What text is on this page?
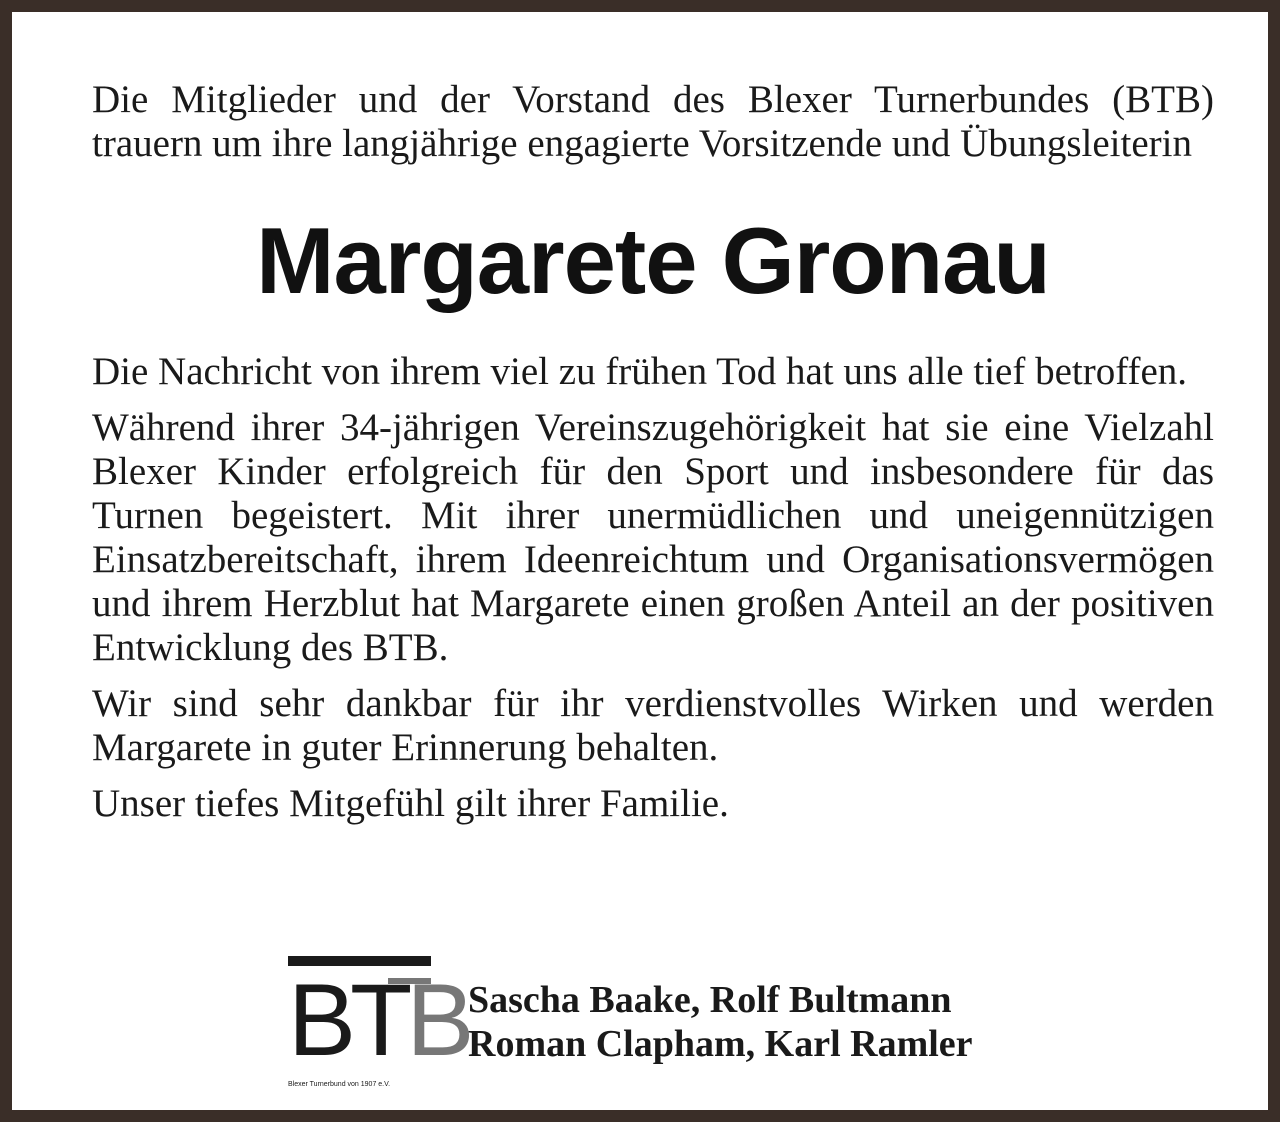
Die Mitglieder und der Vorstand des Blexer Turnerbundes (BTB) trauern um ihre langjährige engagierte Vorsitzende und Übungsleiterin

Margarete Gronau

Die Nachricht von ihrem viel zu frühen Tod hat uns alle tief betroffen.

Während ihrer 34-jährigen Vereinszugehörigkeit hat sie eine Vielzahl Blexer Kinder erfolgreich für den Sport und insbesondere für das Turnen begeistert. Mit ihrer unermüdlichen und uneigennützigen Einsatzbereitschaft, ihrem Ideenreichtum und Organisationsvermögen und ihrem Herzblut hat Margarete einen großen Anteil an der positiven Entwicklung des BTB.

Wir sind sehr dankbar für ihr verdienstvolles Wirken und werden Margarete in guter Erinnerung behalten.

Unser tiefes Mitgefühl gilt ihrer Familie.

BTB
Blexer Turnerbund von 1907 e.V.
Sascha Baake, Rolf Bultmann
Roman Clapham, Karl Ramler
